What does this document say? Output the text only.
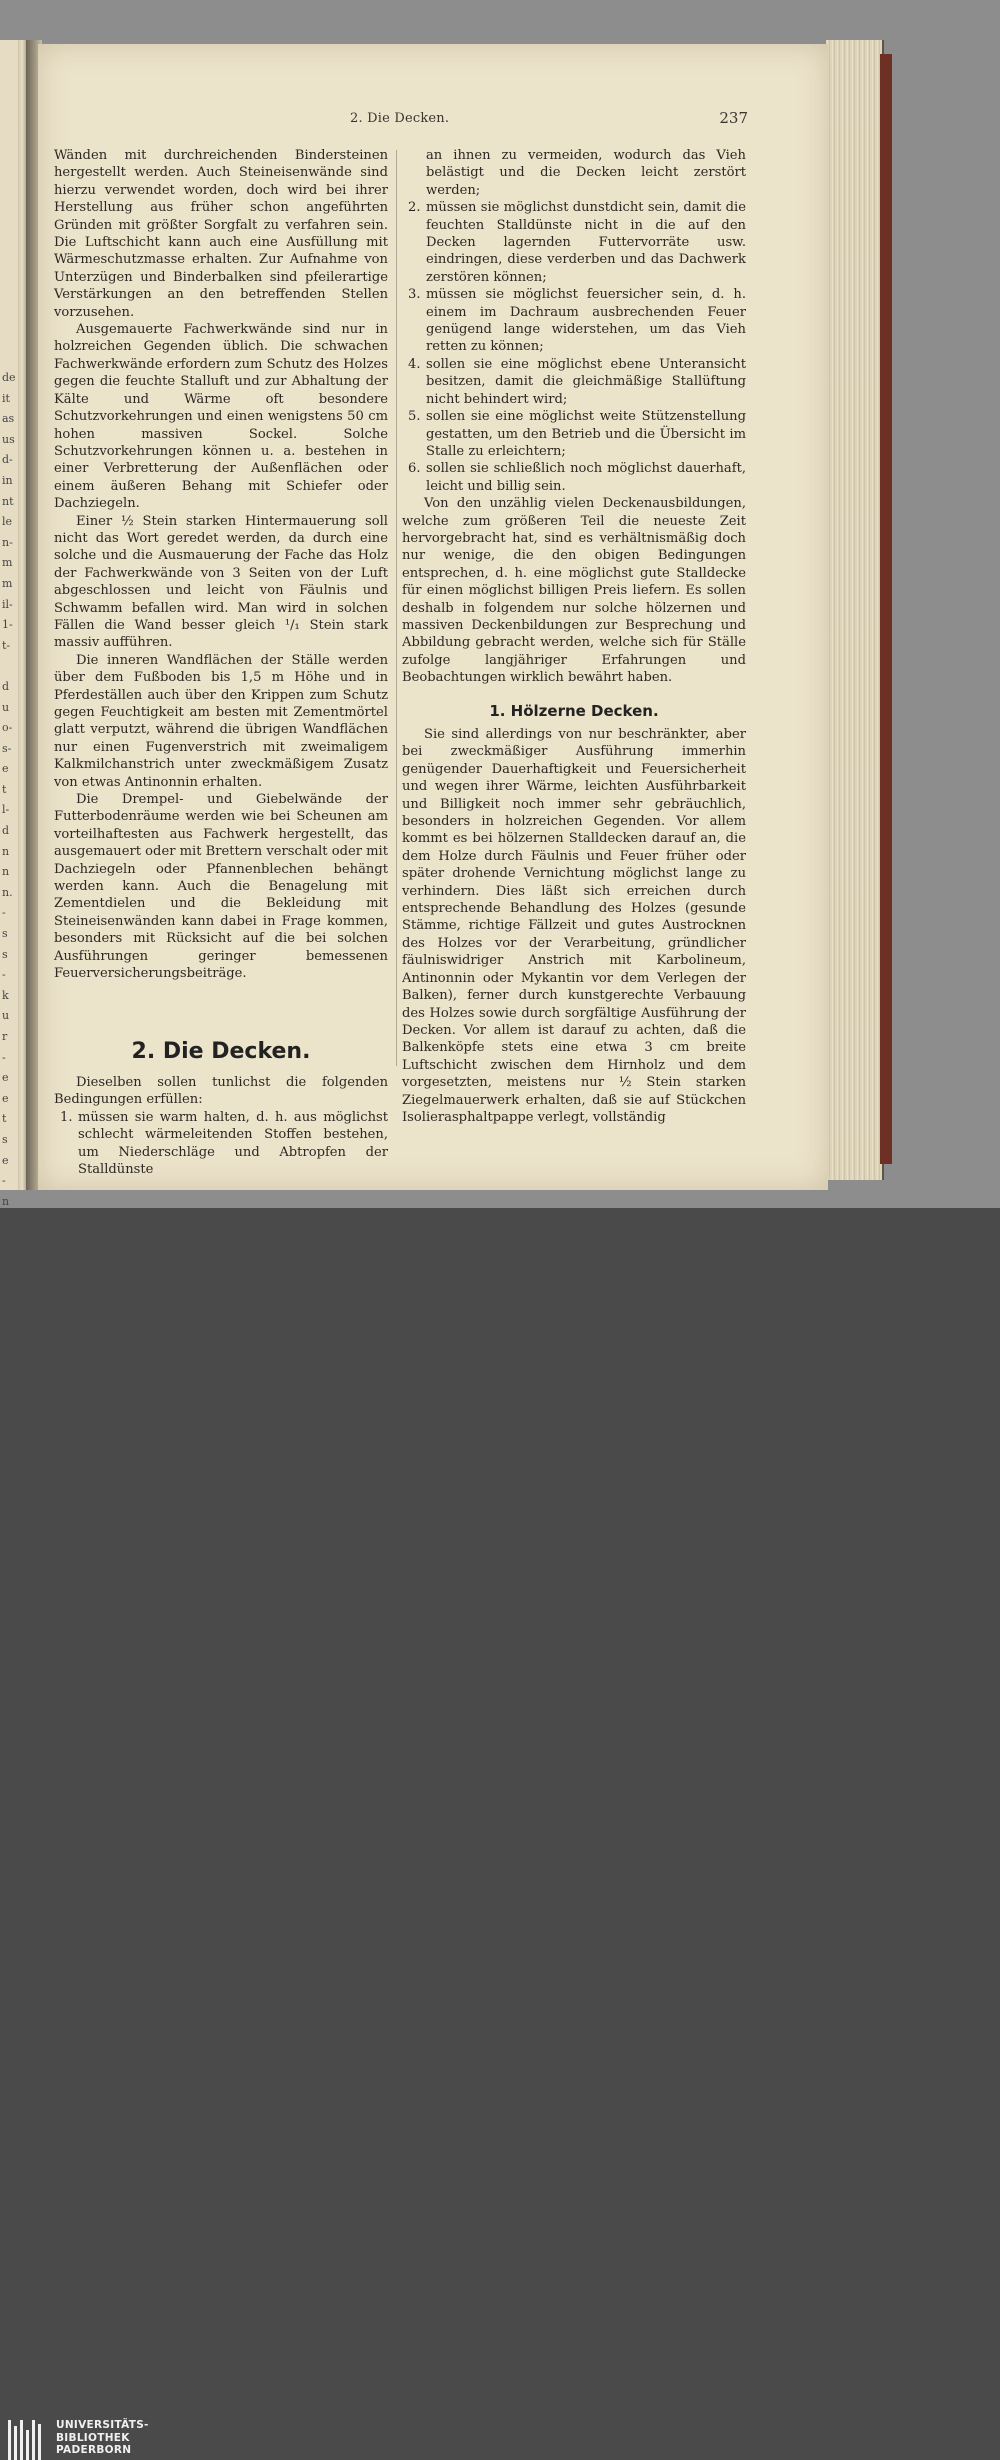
de
it
as
us
d-
in
nt
le
n-
m
m
il-
1-
t-
d
u
o-
s-
e
t
l-
d
n
n
n.
-
s
s
-
k
u
r
-
e
e
t
s
e
-
n
2. Die Decken.	237

Wänden mit durchreichenden Bindersteinen hergestellt werden. Auch Steineisenwände sind hierzu verwendet worden, doch wird bei ihrer Herstellung aus früher schon angeführten Gründen mit größter Sorgfalt zu verfahren sein. Die Luftschicht kann auch eine Ausfüllung mit Wärmeschutzmasse erhalten. Zur Aufnahme von Unterzügen und Binderbalken sind pfeilerartige Verstärkungen an den betreffenden Stellen vorzusehen.

Ausgemauerte Fachwerkwände sind nur in holzreichen Gegenden üblich. Die schwachen Fachwerkwände erfordern zum Schutz des Holzes gegen die feuchte Stalluft und zur Abhaltung der Kälte und Wärme oft besondere Schutzvorkehrungen und einen wenigstens 50 cm hohen massiven Sockel. Solche Schutzvorkehrungen können u. a. bestehen in einer Verbretterung der Außenflächen oder einem äußeren Behang mit Schiefer oder Dachziegeln.

Einer ½ Stein starken Hintermauerung soll nicht das Wort geredet werden, da durch eine solche und die Ausmauerung der Fache das Holz der Fachwerkwände von 3 Seiten von der Luft abgeschlossen und leicht von Fäulnis und Schwamm befallen wird. Man wird in solchen Fällen die Wand besser gleich ¹/₁ Stein stark massiv aufführen.

Die inneren Wandflächen der Ställe werden über dem Fußboden bis 1,5 m Höhe und in Pferdeställen auch über den Krippen zum Schutz gegen Feuchtigkeit am besten mit Zementmörtel glatt verputzt, während die übrigen Wandflächen nur einen Fugenverstrich mit zweimaligem Kalkmilchanstrich unter zweckmäßigem Zusatz von etwas Antinonnin erhalten.

Die Drempel- und Giebelwände der Futterbodenräume werden wie bei Scheunen am vorteilhaftesten aus Fachwerk hergestellt, das ausgemauert oder mit Brettern verschalt oder mit Dachziegeln oder Pfannenblechen behängt werden kann. Auch die Benagelung mit Zementdielen und die Bekleidung mit Steineisenwänden kann dabei in Frage kommen, besonders mit Rücksicht auf die bei solchen Ausführungen geringer bemessenen Feuerversicherungsbeiträge.

2. Die Decken.

Dieselben sollen tunlichst die folgenden Bedingungen erfüllen:

1. müssen sie warm halten, d. h. aus möglichst schlecht wärmeleitenden Stoffen bestehen, um Niederschläge und Abtropfen der Stalldünste
an ihnen zu vermeiden, wodurch das Vieh belästigt und die Decken leicht zerstört werden;
2. müssen sie möglichst dunstdicht sein, damit die feuchten Stalldünste nicht in die auf den Decken lagernden Futtervorräte usw. eindringen, diese verderben und das Dachwerk zerstören können;
3. müssen sie möglichst feuersicher sein, d. h. einem im Dachraum ausbrechenden Feuer genügend lange widerstehen, um das Vieh retten zu können;
4. sollen sie eine möglichst ebene Unteransicht besitzen, damit die gleichmäßige Stallüftung nicht behindert wird;
5. sollen sie eine möglichst weite Stützenstellung gestatten, um den Betrieb und die Übersicht im Stalle zu erleichtern;
6. sollen sie schließlich noch möglichst dauerhaft, leicht und billig sein.

Von den unzählig vielen Deckenausbildungen, welche zum größeren Teil die neueste Zeit hervorgebracht hat, sind es verhältnismäßig doch nur wenige, die den obigen Bedingungen entsprechen, d. h. eine möglichst gute Stalldecke für einen möglichst billigen Preis liefern. Es sollen deshalb in folgendem nur solche hölzernen und massiven Deckenbildungen zur Besprechung und Abbildung gebracht werden, welche sich für Ställe zufolge langjähriger Erfahrungen und Beobachtungen wirklich bewährt haben.

1. Hölzerne Decken.

Sie sind allerdings von nur beschränkter, aber bei zweckmäßiger Ausführung immerhin genügender Dauerhaftigkeit und Feuersicherheit und wegen ihrer Wärme, leichten Ausführbarkeit und Billigkeit noch immer sehr gebräuchlich, besonders in holzreichen Gegenden. Vor allem kommt es bei hölzernen Stalldecken darauf an, die dem Holze durch Fäulnis und Feuer früher oder später drohende Vernichtung möglichst lange zu verhindern. Dies läßt sich erreichen durch entsprechende Behandlung des Holzes (gesunde Stämme, richtige Fällzeit und gutes Austrocknen des Holzes vor der Verarbeitung, gründlicher fäulniswidriger Anstrich mit Karbolineum, Antinonnin oder Mykantin vor dem Verlegen der Balken), ferner durch kunstgerechte Verbauung des Holzes sowie durch sorgfältige Ausführung der Decken. Vor allem ist darauf zu achten, daß die Balkenköpfe stets eine etwa 3 cm breite Luftschicht zwischen dem Hirnholz und dem vorgesetzten, meistens nur ½ Stein starken Ziegelmauerwerk erhalten, daß sie auf Stückchen Isolierasphaltpappe verlegt, vollständig

UNIVERSITÄTS-
BIBLIOTHEK
PADERBORN
